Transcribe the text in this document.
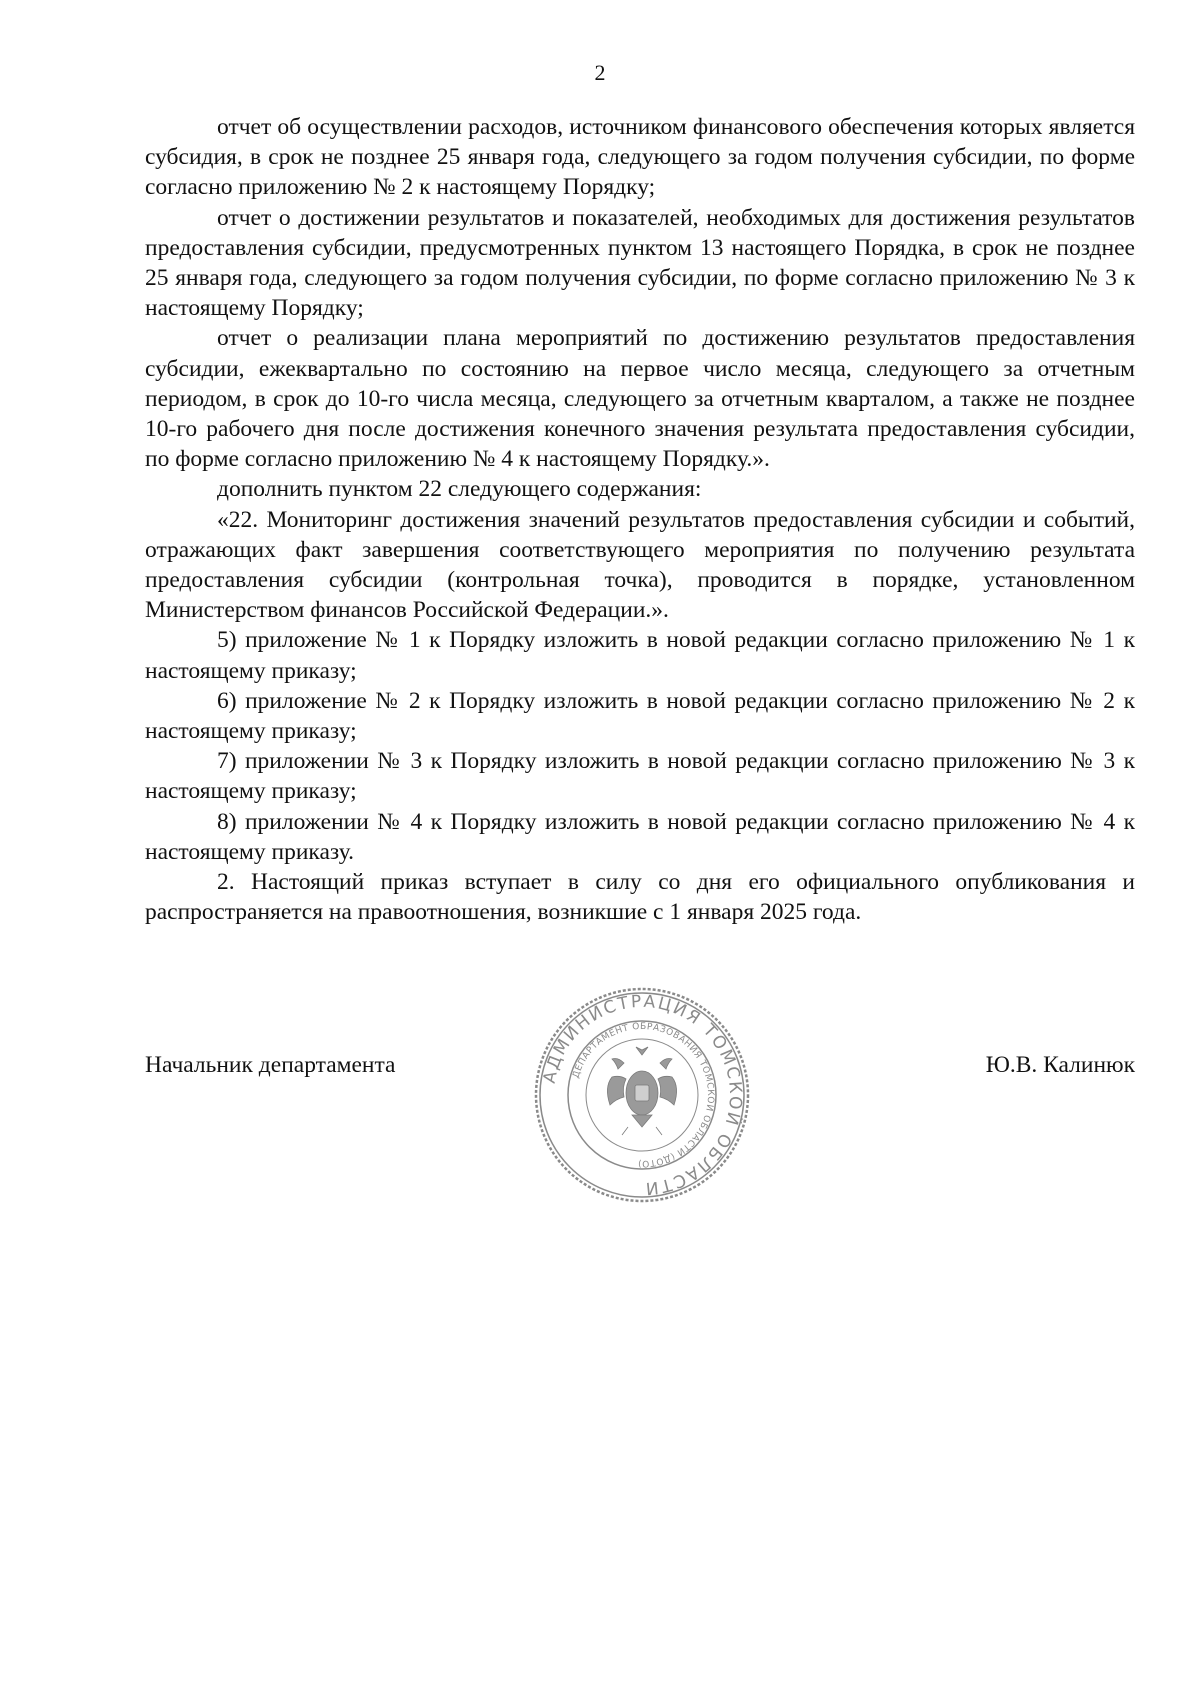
2

отчет об осуществлении расходов, источником финансового обеспечения которых является субсидия, в срок не позднее 25 января года, следующего за годом получения субсидии, по форме согласно приложению № 2 к настоящему Порядку;

отчет о достижении результатов и показателей, необходимых для достижения результатов предоставления субсидии, предусмотренных пунктом 13 настоящего Порядка, в срок не позднее 25 января года, следующего за годом получения субсидии, по форме согласно приложению № 3 к настоящему Порядку;

отчет о реализации плана мероприятий по достижению результатов предоставления субсидии, ежеквартально по состоянию на первое число месяца, следующего за отчетным периодом, в срок до 10-го числа месяца, следующего за отчетным кварталом, а также не позднее 10-го рабочего дня после достижения конечного значения результата предоставления субсидии, по форме согласно приложению № 4 к настоящему Порядку.».

дополнить пунктом 22 следующего содержания:

«22. Мониторинг достижения значений результатов предоставления субсидии и событий, отражающих факт завершения соответствующего мероприятия по получению результата предоставления субсидии (контрольная точка), проводится в порядке, установленном Министерством финансов Российской Федерации.».

5) приложение № 1 к Порядку изложить в новой редакции согласно приложению № 1 к настоящему приказу;

6) приложение № 2 к Порядку изложить в новой редакции согласно приложению № 2 к настоящему приказу;

7) приложении № 3 к Порядку изложить в новой редакции согласно приложению № 3 к настоящему приказу;

8) приложении № 4 к Порядку изложить в новой редакции согласно приложению № 4 к настоящему приказу.

2. Настоящий приказ вступает в силу со дня его официального опубликования и распространяется на правоотношения, возникшие с 1 января 2025 года.

Начальник департамента	Ю.В. Калинюк
АДМИНИСТРАЦИЯ ТОМСКОЙ ОБЛАСТИ
ДЕПАРТАМЕНТ ОБРАЗОВАНИЯ ТОМСКОЙ ОБЛАСТИ (ДОТО)
